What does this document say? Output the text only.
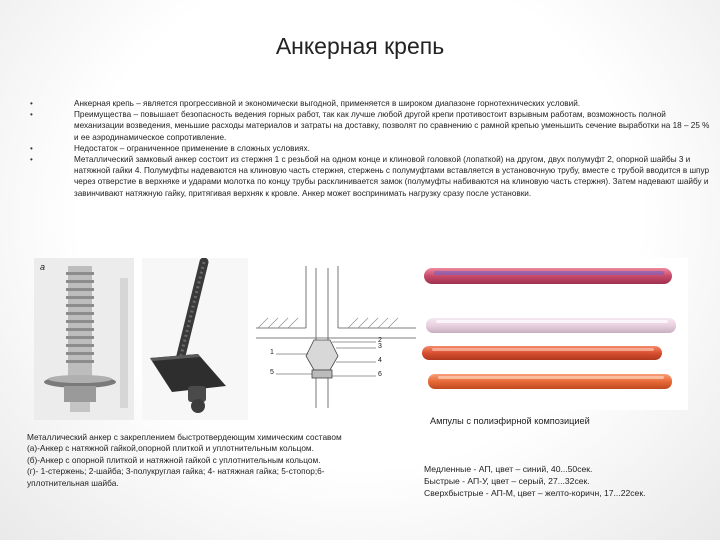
Анкерная крепь
• Анкерная крепь – является прогрессивной и экономически выгодной, применяется в широком диапазоне горнотехнических условий.
• Преимущества – повышает безопасность ведения горных работ, так как лучше любой другой крепи противостоит взрывным работам, возможность полной механизации возведения, меньшие расходы материалов и затраты на доставку, позволят по сравнению с рамной крепью уменьшить сечение выработки на 18 – 25 % и ее аэродинамическое сопротивление.
• Недостаток – ограниченное применение в сложных условиях.
• Металлический замковый анкер состоит из стержня 1 с резьбой на одном конце и клиновой головкой (лопаткой) на другом, двух полумуфт 2, опорной шайбы 3 и натяжной гайки 4. Полумуфты надеваются на клиновую часть стержня, стержень с полумуфтами вставляется в установочную трубу, вместе с трубой вводится в шпур через отверстие в верхняке и ударами молотка по концу трубы расклинивается замок (полумуфты набиваются на клиновую часть стержня). Затем надевают шайбу и завинчивают натяжную гайку, притягивая верхняк к кровле. Анкер может воспринимать нагрузку сразу после установки.
а
1
2
3
4
5	6

Металлический анкер с закреплением быстротвердеющим химическим составом

(а)-Анкер с натяжной гайкой,опорной плиткой и уплотнительным кольцом.

(б)-Анкер с опорной плиткой и натяжной гайкой с уплотнительным кольцом.

(г)- 1-стержень; 2-шайба; 3-полукруглая гайка; 4- натяжная гайка; 5-стопор;6- уплотнительная шайба.

Ампулы с полиэфирной композицией

Медленные - АП, цвет – синий, 40...50сек.

Быстрые - АП-У, цвет – серый, 27...32сек.

Сверхбыстрые - АП-М, цвет – желто-коричн, 17...22сек.
